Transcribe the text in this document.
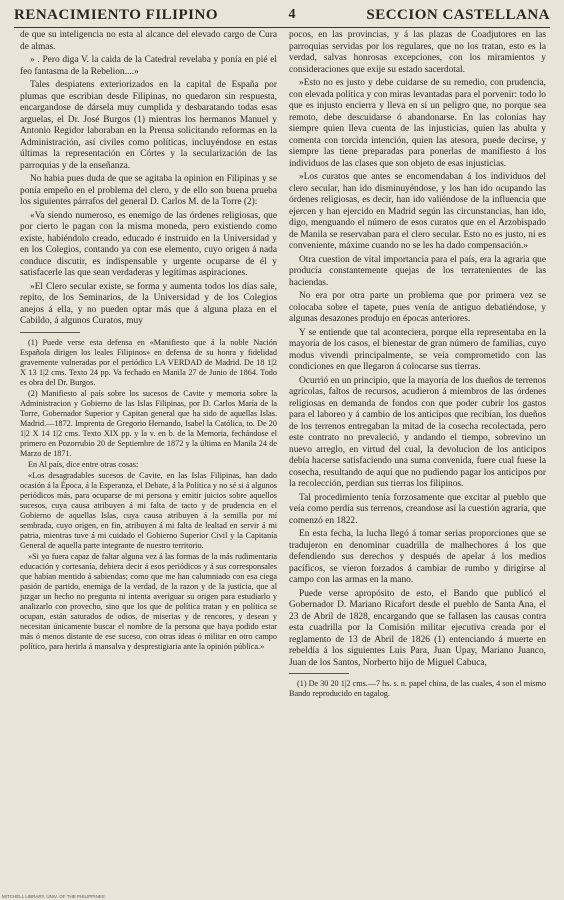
RENACIMIENTO FILIPINO	4	SECCION CASTELLANA

de que su inteligencia no esta al alcance del elevado cargo de Cura de almas.

» . Pero diga V. la caida de la Catedral revelaba y ponía en pié el feo fantasma de la Rebelion....»

Tales despiatens exteriorizados en la capital de España por plumas que escribian desde Filipinas, no quedaron sin respuesta, encargandose de dársela muy cumplida y desbaratando todas esas arguelas, el Dr. José Burgos (1) mientras los hermanos Manuel y Antonio Regidor laboraban en la Prensa solicitando reformas en la Administración, así civiles como políticas, incluyéndose en estas últimas la representación en Córtes y la secularización de las parroquias y de la enseñanza.

No habia pues duda de que se agitaba la opinion en Filipinas y se ponía empeño en el problema del clero, y de ello son buena prueba los siguientes párrafos del general D. Carlos M. de la Torre (2):

«Va siendo numeroso, es enemigo de las órdenes religiosas, que por cierto le pagan con la misma moneda, pero existiendo como existe, habiéndolo creado, educado é instruido en la Universidad y en los Colegios, contando ya con ese elemento, cuyo origen á nada conduce discutir, es indispensable y urgente ocuparse de él y satisfacerle las que sean verdaderas y legítimas aspiraciones.

»El Clero secular existe, se forma y aumenta todos los días sale, repito, de los Seminarios, de la Universidad y de los Colegios anejos á ella, y no pueden optar más que á alguna plaza en el Cabildo, á algunos Curatos, muy

(1) Puede verse esta defensa en «Manifiesto que á la noble Nación Española dirigen los leales Filipinos» en defensa de su honra y fidelidad gravemente vulneradas por el periódico LA VERDAD de Madrid. De 18 1|2 X 13 1|2 cms. Texto 24 pp. Va fechado en Manila 27 de Junio de 1864. Todo es obra del Dr. Burgos.

(2) Manifiesto al país sobre los sucesos de Cavite y memoria sobre la Administracion y Gobierno de las Islas Filipinas, por D. Carlos María de la Torre, Gobernador Superior y Capitan general que ha sido de aquellas Islas. Madrid.—1872. Imprenta de Gregorio Hernando, Isabel la Católica, to. De 20 1|2 X 14 1|2 cms. Texto XIX pp. y la v. en b. de la Memoria, fechándose el primero en Pozorrubio 20 de Septiembre de 1872 y la última en Manila 24 de Marzo de 1871.

En Al país, dice entre otras cosas:

«Los desagradables sucesos de Cavite, en las Islas Filipinas, han dado ocasión á la Época, á la Esperanza, el Debate, á la Política y no sé si á algunos periódicos más, para ocuparse de mi persona y emitir juicios sobre aquellos sucesos, cuya causa atribuyen á mi falta de tacto y de prudencia en el Gobierno de aquellas Islas, cuya causa atribuyen á la semilla por mí sembrada, cuyo origen, en fin, atribuyen á mi falta de lealtad en servir á mi patria, mientras tuve á mi cuidado el Gobierno Superior Civil y la Capitanía General de aquella parte integrante de nuestro territorio.

»Si yo fuera capaz de faltar alguna vez á las formas de la más rudimentaria educación y cortesanía, debiera decir á esos periódicos y á sus corresponsales que habían mentido á sabiendas; como que me han calumniado con esa ciega pasión de partido, enemiga de la verdad, de la razon y de la justicia, que al juzgar un hecho no pregunta ni intenta averiguar su origen para estudiarlo y analizarlo con provecho, sino que los que de política tratan y en política se ocupan, están saturados de odios, de miserias y de rencores, y desean y necesitan únicamente buscar el nombre de la persona que haya podido estar más ó menos distante de ese suceso, con otras ideas ó militar en otro campo político, para herirla á mansalva y desprestigiaria ante la opinión pública.»

pocos, en las provincias, y á las plazas de Coadjutores en las parroquias servidas por los regulares, que no los tratan, esto es la verdad, salvas honrosas excepciones, con los miramientos y consideraciones que exije su estado sacerdotal.

»Esto no es justo y debe cuidarse de su remedio, con prudencia, con elevada política y con miras levantadas para el porvenir: todo lo que es injusto encierra y lleva en sí un peligro que, no porque sea remoto, debe descuidarse ó abandonarse. En las colonias hay siempre quien lleva cuenta de las injusticias, quien las abulta y comenta con torcida intención, quien las atesora, puede decirse, y siempre las tiene preparadas para ponerlas de manifiesto á los individuos de las clases que son objeto de esas injusticias.

»Los curatos que antes se encomendaban á los individuos del clero secular, han ido disminuyéndose, y los han ido ocupando las órdenes religiosas, es decir, han ido valiéndose de la influencia que ejercen y han ejercido en Madrid según las circunstancias, han ido, digo, menguando el número de esos curatos que en el Arzobispado de Manila se reservaban para el clero secular. Esto no es justo, ni es conveniente, máxime cuando no se les ha dado compensación.»

Otra cuestion de vital importancia para el país, era la agraria que producía constantemente quejas de los terratenientes de las haciendas.

No era por otra parte un problema que por primera vez se colocaba sobre el tapete, pues venía de antiguo debatiéndose, y algunas desazones produjo en épocas anteriores.

Y se entiende que tal aconteciera, porque ella representaba en la mayoría de los casos, el bienestar de gran número de familias, cuyo modus vivendi principalmente, se veía comprometido con las condiciones en que llegaron á colocarse sus tierras.

Ocurrió en un principio, que la mayoría de los dueños de terrenos agrícolas, faltos de recursos, acudieron á miembros de las órdenes religiosas en demanda de fondos con que poder cubrir los gastos para el laboreo y á cambio de los anticipos que recibían, los dueños de los terrenos entregaban la mitad de la cosecha recolectada, pero este contrato no prevaleció, y andando el tiempo, sobrevino un nuevo arreglo, en virtud del cual, la devolucion de los anticipos debía hacerse satisfaciendo una suma convenida, fuere cual fuese la cosecha, resultando de aquí que no pudiendo pagar los anticipos por la recolección, perdian sus tierras los filipinos.

Tal procedimiento tenía forzosamente que excitar al pueblo que veía como perdía sus terrenos, creandose así la cuestión agraria, que comenzó en 1822.

En esta fecha, la lucha llegó á tomar serias proporciones que se tradujeron en denominar cuadrilla de malhechores á los que defendiendo sus derechos y después de apelar á los medios pacíficos, se vieron forzados á cambiar de rumbo y dirigirse al campo con las armas en la mano.

Puede verse apropósito de esto, el Bando que publicó el Gobernador D. Mariano Ricafort desde el pueblo de Santa Ana, el 23 de Abril de 1828, encargando que se fallasen las causas contra esta cuadrilla por la Comisión militar ejecutiva creada por el reglamento de 13 de Abril de 1826 (1) entenciando á muerte en rebeldía á los siguientes Luis Para, Juan Upay, Mariano Juanco, Juan de los Santos, Norberto hijo de Miguel Cabuca,

(1) De 30 20 1|2 cms.—7 hs. s. n. papel china, de las cuales, 4 son el mismo Bando reproducido en tagalog.

MITCHELL LIBRARY, UNIV. OF THE PHILIPPINES
